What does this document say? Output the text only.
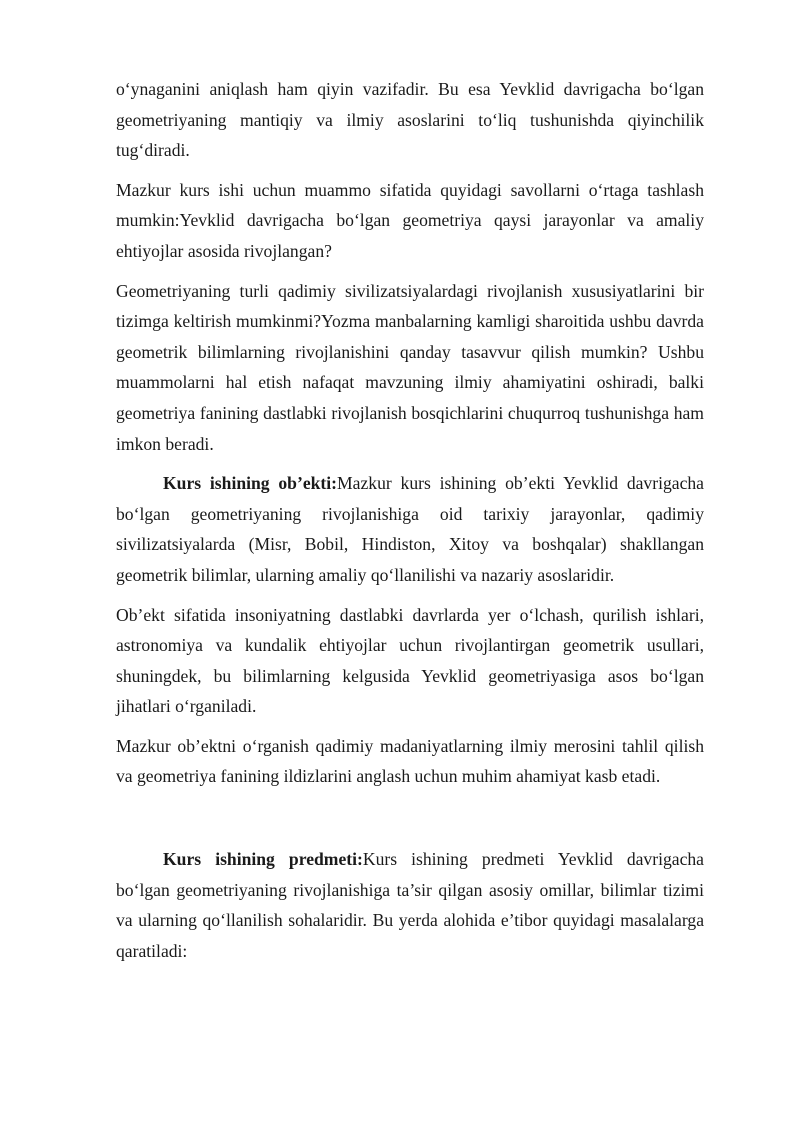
o‘ynaganini aniqlash ham qiyin vazifadir. Bu esa Yevklid davrigacha bo‘lgan geometriyaning mantiqiy va ilmiy asoslarini to‘liq tushunishda qiyinchilik tug‘diradi.

Mazkur kurs ishi uchun muammo sifatida quyidagi savollarni o‘rtaga tashlash mumkin:Yevklid davrigacha bo‘lgan geometriya qaysi jarayonlar va amaliy ehtiyojlar asosida rivojlangan?

Geometriyaning turli qadimiy sivilizatsiyalardagi rivojlanish xususiyatlarini bir tizimga keltirish mumkinmi?Yozma manbalarning kamligi sharoitida ushbu davrda geometrik bilimlarning rivojlanishini qanday tasavvur qilish mumkin? Ushbu muammolarni hal etish nafaqat mavzuning ilmiy ahamiyatini oshiradi, balki geometriya fanining dastlabki rivojlanish bosqichlarini chuqurroq tushunishga ham imkon beradi.

Kurs ishining ob’ekti:Mazkur kurs ishining ob’ekti Yevklid davrigacha bo‘lgan geometriyaning rivojlanishiga oid tarixiy jarayonlar, qadimiy sivilizatsiyalarda (Misr, Bobil, Hindiston, Xitoy va boshqalar) shakllangan geometrik bilimlar, ularning amaliy qo‘llanilishi va nazariy asoslaridir.

Ob’ekt sifatida insoniyatning dastlabki davrlarda yer o‘lchash, qurilish ishlari, astronomiya va kundalik ehtiyojlar uchun rivojlantirgan geometrik usullari, shuningdek, bu bilimlarning kelgusida Yevklid geometriyasiga asos bo‘lgan jihatlari o‘rganiladi.

Mazkur ob’ektni o‘rganish qadimiy madaniyatlarning ilmiy merosini tahlil qilish va geometriya fanining ildizlarini anglash uchun muhim ahamiyat kasb etadi.

Kurs ishining predmeti:Kurs ishining predmeti Yevklid davrigacha bo‘lgan geometriyaning rivojlanishiga ta’sir qilgan asosiy omillar, bilimlar tizimi va ularning qo‘llanilish sohalaridir. Bu yerda alohida e’tibor quyidagi masalalarga qaratiladi:
